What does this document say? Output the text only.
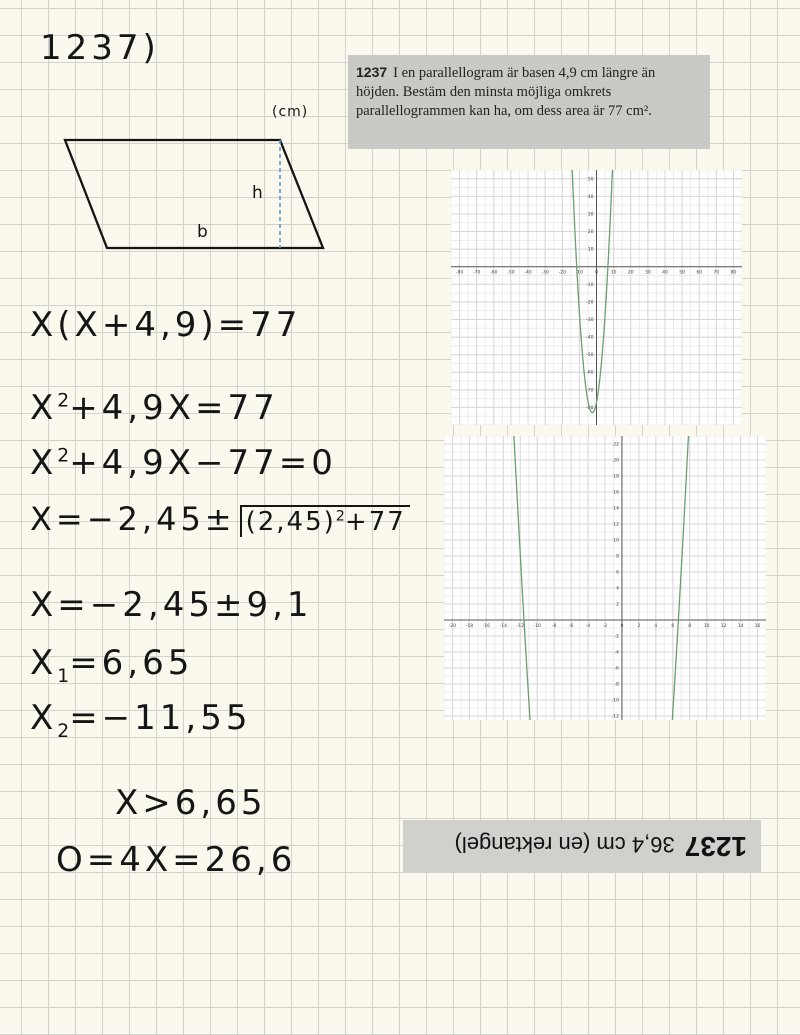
1237)
(cm)
h
b
1237 I en parallellogram är basen 4,9 cm längre än höjden. Bestäm den minsta möjliga omkrets parallellogrammen kan ha, om dess area är 77 cm².
X(X+4,9)=77
$X^2+4,9X=77$
$X^2+4,9X-77=0$
$X=-2,45\pm (2,45)^2+77$
X=−2,45±9,1
$X_1=6,65$
$X_2=-11,55$
X>6,65
O=4X=26,6
-80 -70 -60 -50 -40 -30 -20 -10	0	10	20	30	40	50	60	70	80
50
40
30
20
10
-10
-20
-30
-40
-50
-60
-70
-80
-20 -18 -16 -14 -12 -10 -8	-6	-4	-2	0	2	4	6	8	10 12 14 16
22
20
18
16
14
12
10
8
6
4
2
-2
-4
-6
-8
-10
-12
123736,4 cm (en rektangel)
